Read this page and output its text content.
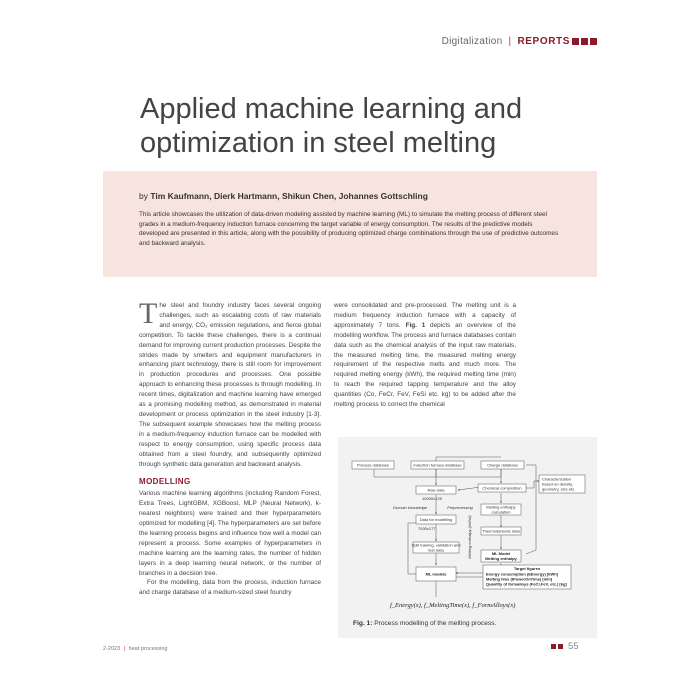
Digitalization | REPORTS
Applied machine learning and optimization in steel melting

by Tim Kaufmann, Dierk Hartmann, Shikun Chen, Johannes Gottschling

This article showcases the utilization of data-driven modeling assisted by machine learning (ML) to simulate the melting process of different steel grades in a medium-frequency induction furnace concerning the target variable of energy consumption. The results of the predictive models developed are presented in this article, along with the possibility of producing optimized charge combinations through the use of predictive outcomes and backward analysis.

The steel and foundry industry faces several ongoing challenges, such as escalating costs of raw materials and energy, CO₂ emission regulations, and fierce global competition. To tackle these challenges, there is a continual demand for improving current production processes. Despite the strides made by smelters and equipment manufacturers in enhancing plant technology, there is still room for improvement in production procedures and processes. One possible approach to enhancing these processes is through modelling. In recent times, digitalization and machine learning have emerged as a promising modelling method, as demonstrated in material development or process optimization in the steel industry [1-3]. The subsequent example showcases how the melting process in a medium-frequency induction furnace can be modelled with respect to energy consumption, using specific process data obtained from a steel foundry, and subsequently optimized through synthetic data generation and backward analysis.

MODELLING

Various machine learning algorithms (including Random Forest, Extra Trees, LightGBM, XGBoost, MLP (Neural Network), k-nearest neighbors) were trained and their hyperparameters optimized for modelling [4]. The hyperparameters are set before the learning process begins and influence how well a model can represent a process. Some examples of hyperparameters in machine learning are the learning rates, the number of hidden layers in a deep learning neural network, or the number of branches in a decision tree.

For the modelling, data from the process, induction furnace and charge database of a medium-sized steel foundry

were consolidated and pre-processed. The melting unit is a medium frequency induction furnace with a capacity of approximately 7 tons. Fig. 1 depicts an overview of the modelling workflow. The process and furnace databases contain data such as the chemical analysis of the input raw materials, the measured melting time, the measured melting energy requirement of the respective melts and much more. The required melting energy (kWh), the required melting time (min) to reach the required tapping temperature and the alloy quantities (Co, FeCr, FeV, FeSi etc. kg) to be added after the melting process to correct the chemical

Process database	Induction furnace database	Charge database
Raw data
10000x125
Domain knowledge	Preprocessing
Chemical composition
Characterization
based on density,
geometry, size etc.
Data for modelling
7000x177
Melting enthalpy
calculation
Thermodynamic data
Split training, validation and
test data
ML Model
Melting enthalpy
Melting enthalpy (kWh/t)
ML models
Target figures
Energy consumption (EEnergy) [kWh]
Melting time (tPowerOnTime) [min]
Quantity of formalloys (FeCr,FeV, etc.) [kg]
f_Energy(x), f_MeltingTime(x), f_FormAlloys(x)
Fig. 1: Process modelling of the melting process.
2-2023 | heat processing	55
